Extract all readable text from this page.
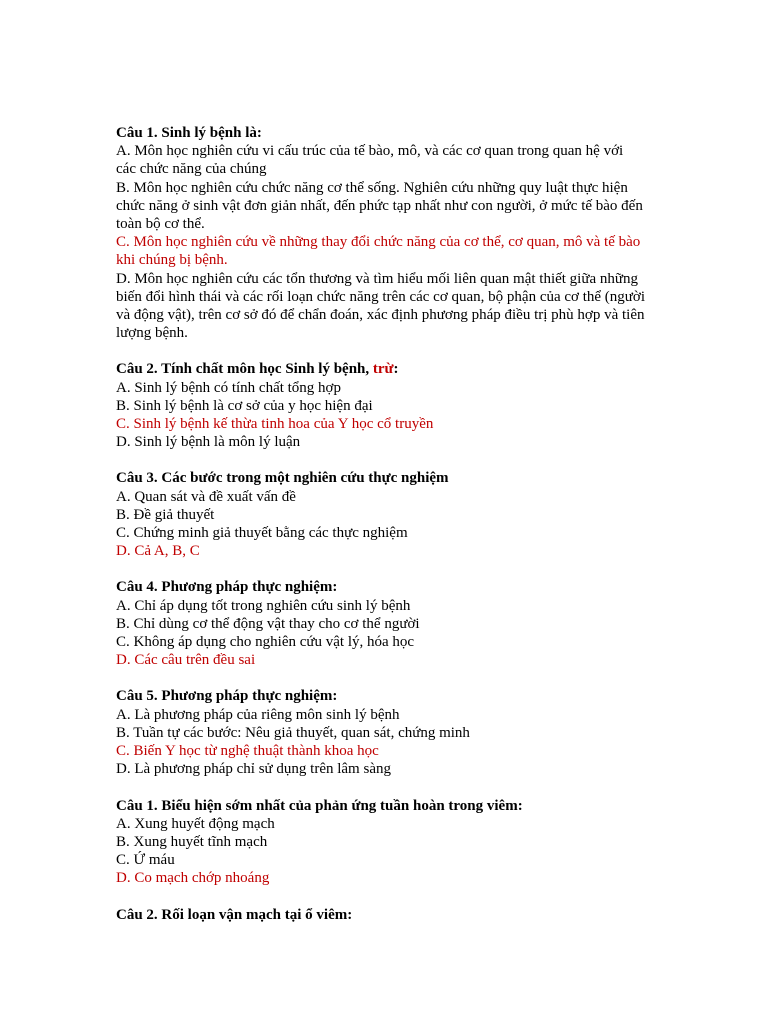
Câu 1. Sinh lý bệnh là:
A. Môn học nghiên cứu vi cấu trúc của tế bào, mô, và các cơ quan trong quan hệ với các chức năng của chúng
B. Môn học nghiên cứu chức năng cơ thể sống. Nghiên cứu những quy luật thực hiện chức năng ở sinh vật đơn giản nhất, đến phức tạp nhất như con người, ở mức tế bào đến toàn bộ cơ thể.
C. Môn học nghiên cứu về những thay đổi chức năng của cơ thể, cơ quan, mô và tế bào khi chúng bị bệnh.
D. Môn học nghiên cứu các tổn thương và tìm hiểu mối liên quan mật thiết giữa những biến đổi hình thái và các rối loạn chức năng trên các cơ quan, bộ phận của cơ thể (người và động vật), trên cơ sở đó để chẩn đoán, xác định phương pháp điều trị phù hợp và tiên lượng bệnh.
Câu 2. Tính chất môn học Sinh lý bệnh, trừ:
A. Sinh lý bệnh có tính chất tổng hợp
B. Sinh lý bệnh là cơ sở của y học hiện đại
C. Sinh lý bệnh kế thừa tinh hoa của Y học cổ truyền
D. Sinh lý bệnh là môn lý luận
Câu 3. Các bước trong một nghiên cứu thực nghiệm
A. Quan sát và đề xuất vấn đề
B. Đề giả thuyết
C. Chứng minh giả thuyết bằng các thực nghiệm
D. Cả A, B, C
Câu 4. Phương pháp thực nghiệm:
A. Chỉ áp dụng tốt trong nghiên cứu sinh lý bệnh
B. Chỉ dùng cơ thể động vật thay cho cơ thể người
C. Không áp dụng cho nghiên cứu vật lý, hóa học
D. Các câu trên đều sai
Câu 5. Phương pháp thực nghiệm:
A. Là phương pháp của riêng môn sinh lý bệnh
B. Tuần tự các bước: Nêu giả thuyết, quan sát, chứng minh
C. Biến Y học từ nghệ thuật thành khoa học
D. Là phương pháp chỉ sử dụng trên lâm sàng
Câu 1. Biểu hiện sớm nhất của phản ứng tuần hoàn trong viêm:
A. Xung huyết động mạch
B. Xung huyết tĩnh mạch
C. Ứ máu
D. Co mạch chớp nhoáng
Câu 2. Rối loạn vận mạch tại ổ viêm:
